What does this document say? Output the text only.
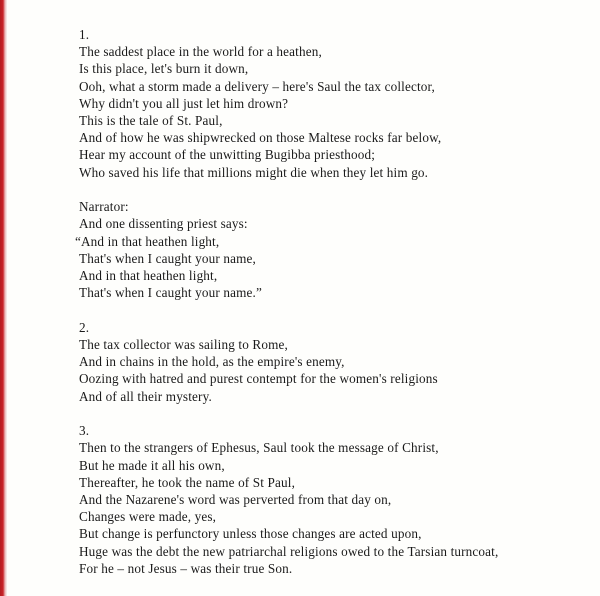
1.
The saddest place in the world for a heathen,
Is this place, let's burn it down,
Ooh, what a storm made a delivery – here's Saul the tax collector,
Why didn't you all just let him drown?
This is the tale of St. Paul,
And of how he was shipwrecked on those Maltese rocks far below,
Hear my account of the unwitting Bugibba priesthood;
Who saved his life that millions might die when they let him go.
Narrator:
And one dissenting priest says:
“And in that heathen light,
That's when I caught your name,
And in that heathen light,
That's when I caught your name.”
2.
The tax collector was sailing to Rome,
And in chains in the hold, as the empire's enemy,
Oozing with hatred and purest contempt for the women's religions
And of all their mystery.
3.
Then to the strangers of Ephesus, Saul took the message of Christ,
But he made it all his own,
Thereafter, he took the name of St Paul,
And the Nazarene's word was perverted from that day on,
Changes were made, yes,
But change is perfunctory unless those changes are acted upon,
Huge was the debt the new patriarchal religions owed to the Tarsian turncoat,
For he – not Jesus – was their true Son.
